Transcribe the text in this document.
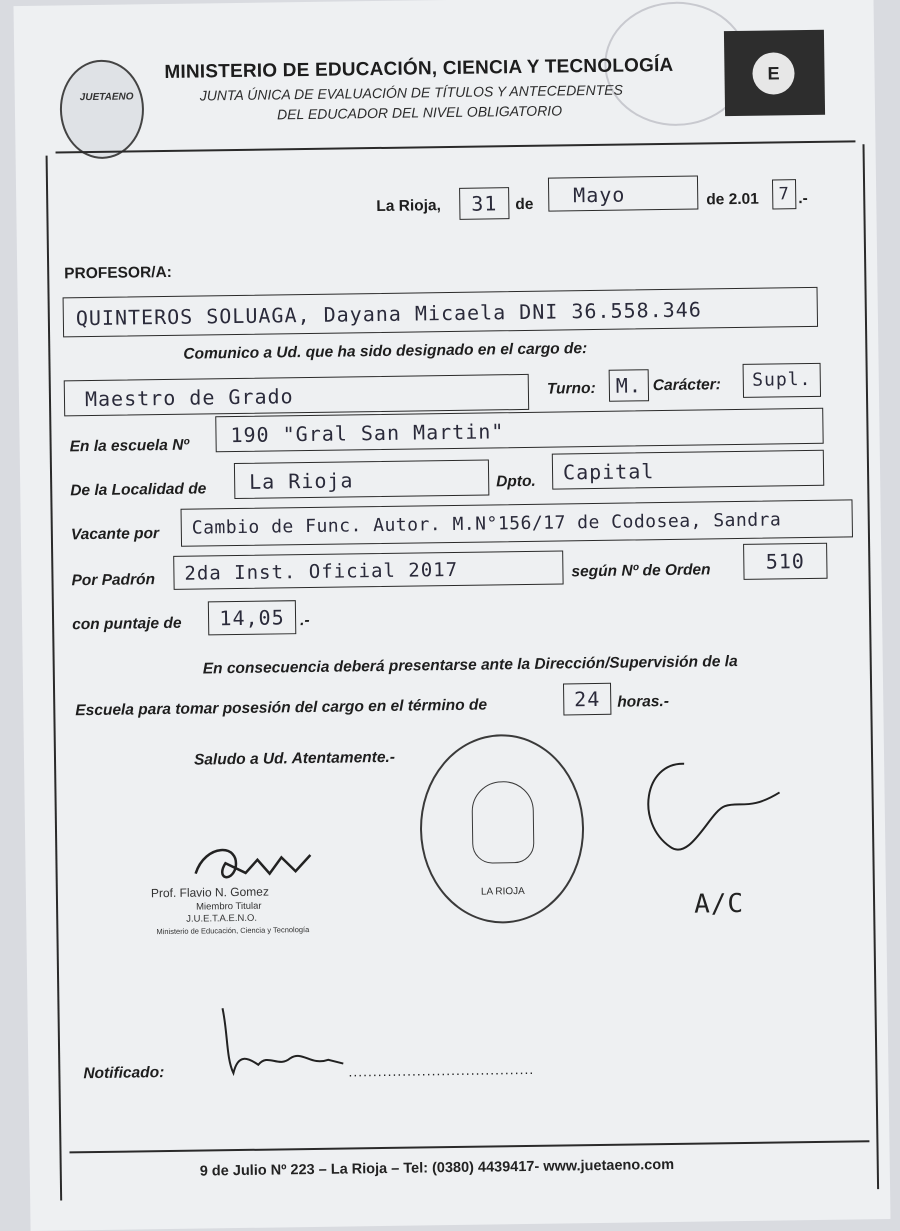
JUETAENO
E
MINISTERIO DE EDUCACIÓN, CIENCIA Y TECNOLOGÍA
JUNTA ÚNICA DE EVALUACIÓN DE TÍTULOS Y ANTECEDENTES
DEL EDUCADOR DEL NIVEL OBLIGATORIO
La Rioja,	31	de	Mayo	de 2.01	7 .-
PROFESOR/A:
QUINTEROS SOLUAGA, Dayana Micaela DNI 36.558.346
Comunico a Ud. que ha sido designado en el cargo de:
Maestro de Grado	Turno: M. Carácter:	Supl.
En la escuela Nº	190 "Gral San Martin"
De la Localidad de	La Rioja	Dpto.	Capital
Vacante por	Cambio de Func. Autor. M.N°156/17 de Codosea, Sandra
Por Padrón	2da Inst. Oficial 2017	según Nº de Orden	510
con puntaje de	14,05 .-
En consecuencia deberá presentarse ante la Dirección/Supervisión de la
Escuela para tomar posesión del cargo en el término de	24	horas.-
Saludo a Ud. Atentamente.-
LA RIOJA
Prof. Flavio N. Gomez
Miembro Titular
J.U.E.T.A.E.N.O.
Ministerio de Educación, Ciencia y Tecnología
A/C
Notificado:	......................................
9 de Julio Nº 223 – La Rioja – Tel: (0380) 4439417- www.juetaeno.com
